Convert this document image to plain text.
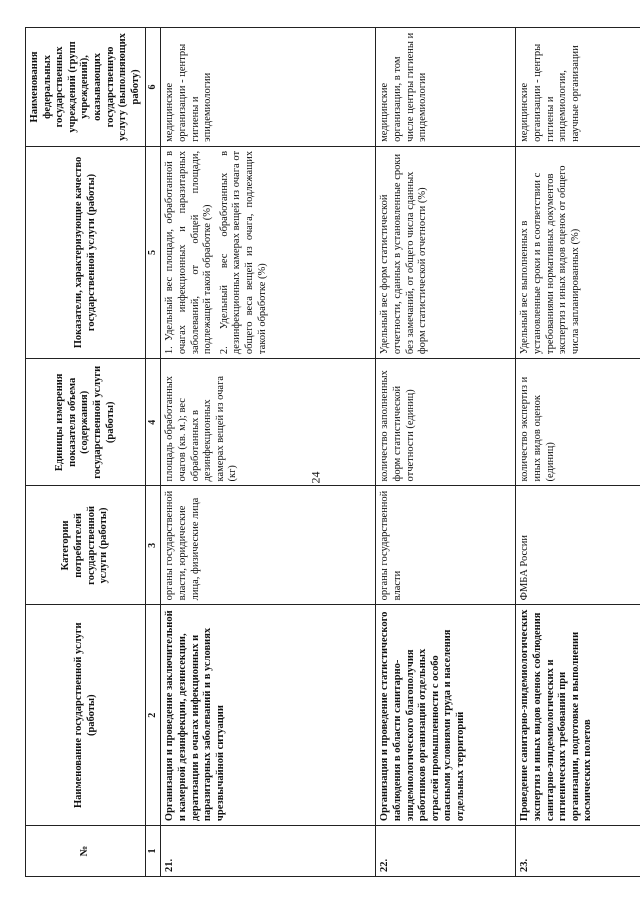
24
№	Наименование государственной услуги (работы)	Категории потребителей государственной услуги (работы)	Единицы измерения показателя объема (содержания) государственной услуги (работы)	Показатели, характеризующие качество государственной услуги (работы)	Наименования федеральных государственных учреждений (групп учреждений), оказывающих государственную услугу (выполняющих работу)
1	2	3	4	5	6
21.	Организация и проведение заключительной и камерной дезинфекции, дезинсекции, дератизации в очагах инфекционных и паразитарных заболеваний и в условиях чрезвычайной ситуации	органы государственной власти, юридические лица, физические лица	площадь обработанных очагов (кв. м.); вес обработанных в дезинфекционных камерах вещей из очага (кг)	1. Удельный вес площади, обработанной в очагах инфекционных и паразитарных заболеваний, от общей площади, подлежащей такой обработке (%) 2. Удельный вес обработанных в дезинфекционных камерах вещей из очага от общего веса вещей из очага, подлежащих такой обработке (%)	медицинские организации - центры гигиены и эпидемиологии
22.	Организация и проведение статистического наблюдения в области санитарно-эпидемиологического благополучия работников организаций отдельных отраслей промышленности с особо опасными условиями труда и населения отдельных территорий	органы государственной власти	количество заполненных форм статистической отчетности (единиц)	Удельный вес форм статистической отчетности, сданных в установленные сроки без замечаний, от общего числа сданных форм статистической отчетности (%)	медицинские организации, в том числе центры гигиены и эпидемиологии
23.	Проведение санитарно-эпидемиологических экспертиз и иных видов оценок соблюдения санитарно-эпидемиологических и гигиенических требований при организации, подготовке и выполнении космических полетов	ФМБА России	количество экспертиз и иных видов оценок (единиц)	Удельный вес выполненных в установленные сроки и в соответствии с требованиями нормативных документов экспертиз и иных видов оценок от общего числа запланированных (%)	медицинские организации - центры гигиены и эпидемиологии, научные организации
